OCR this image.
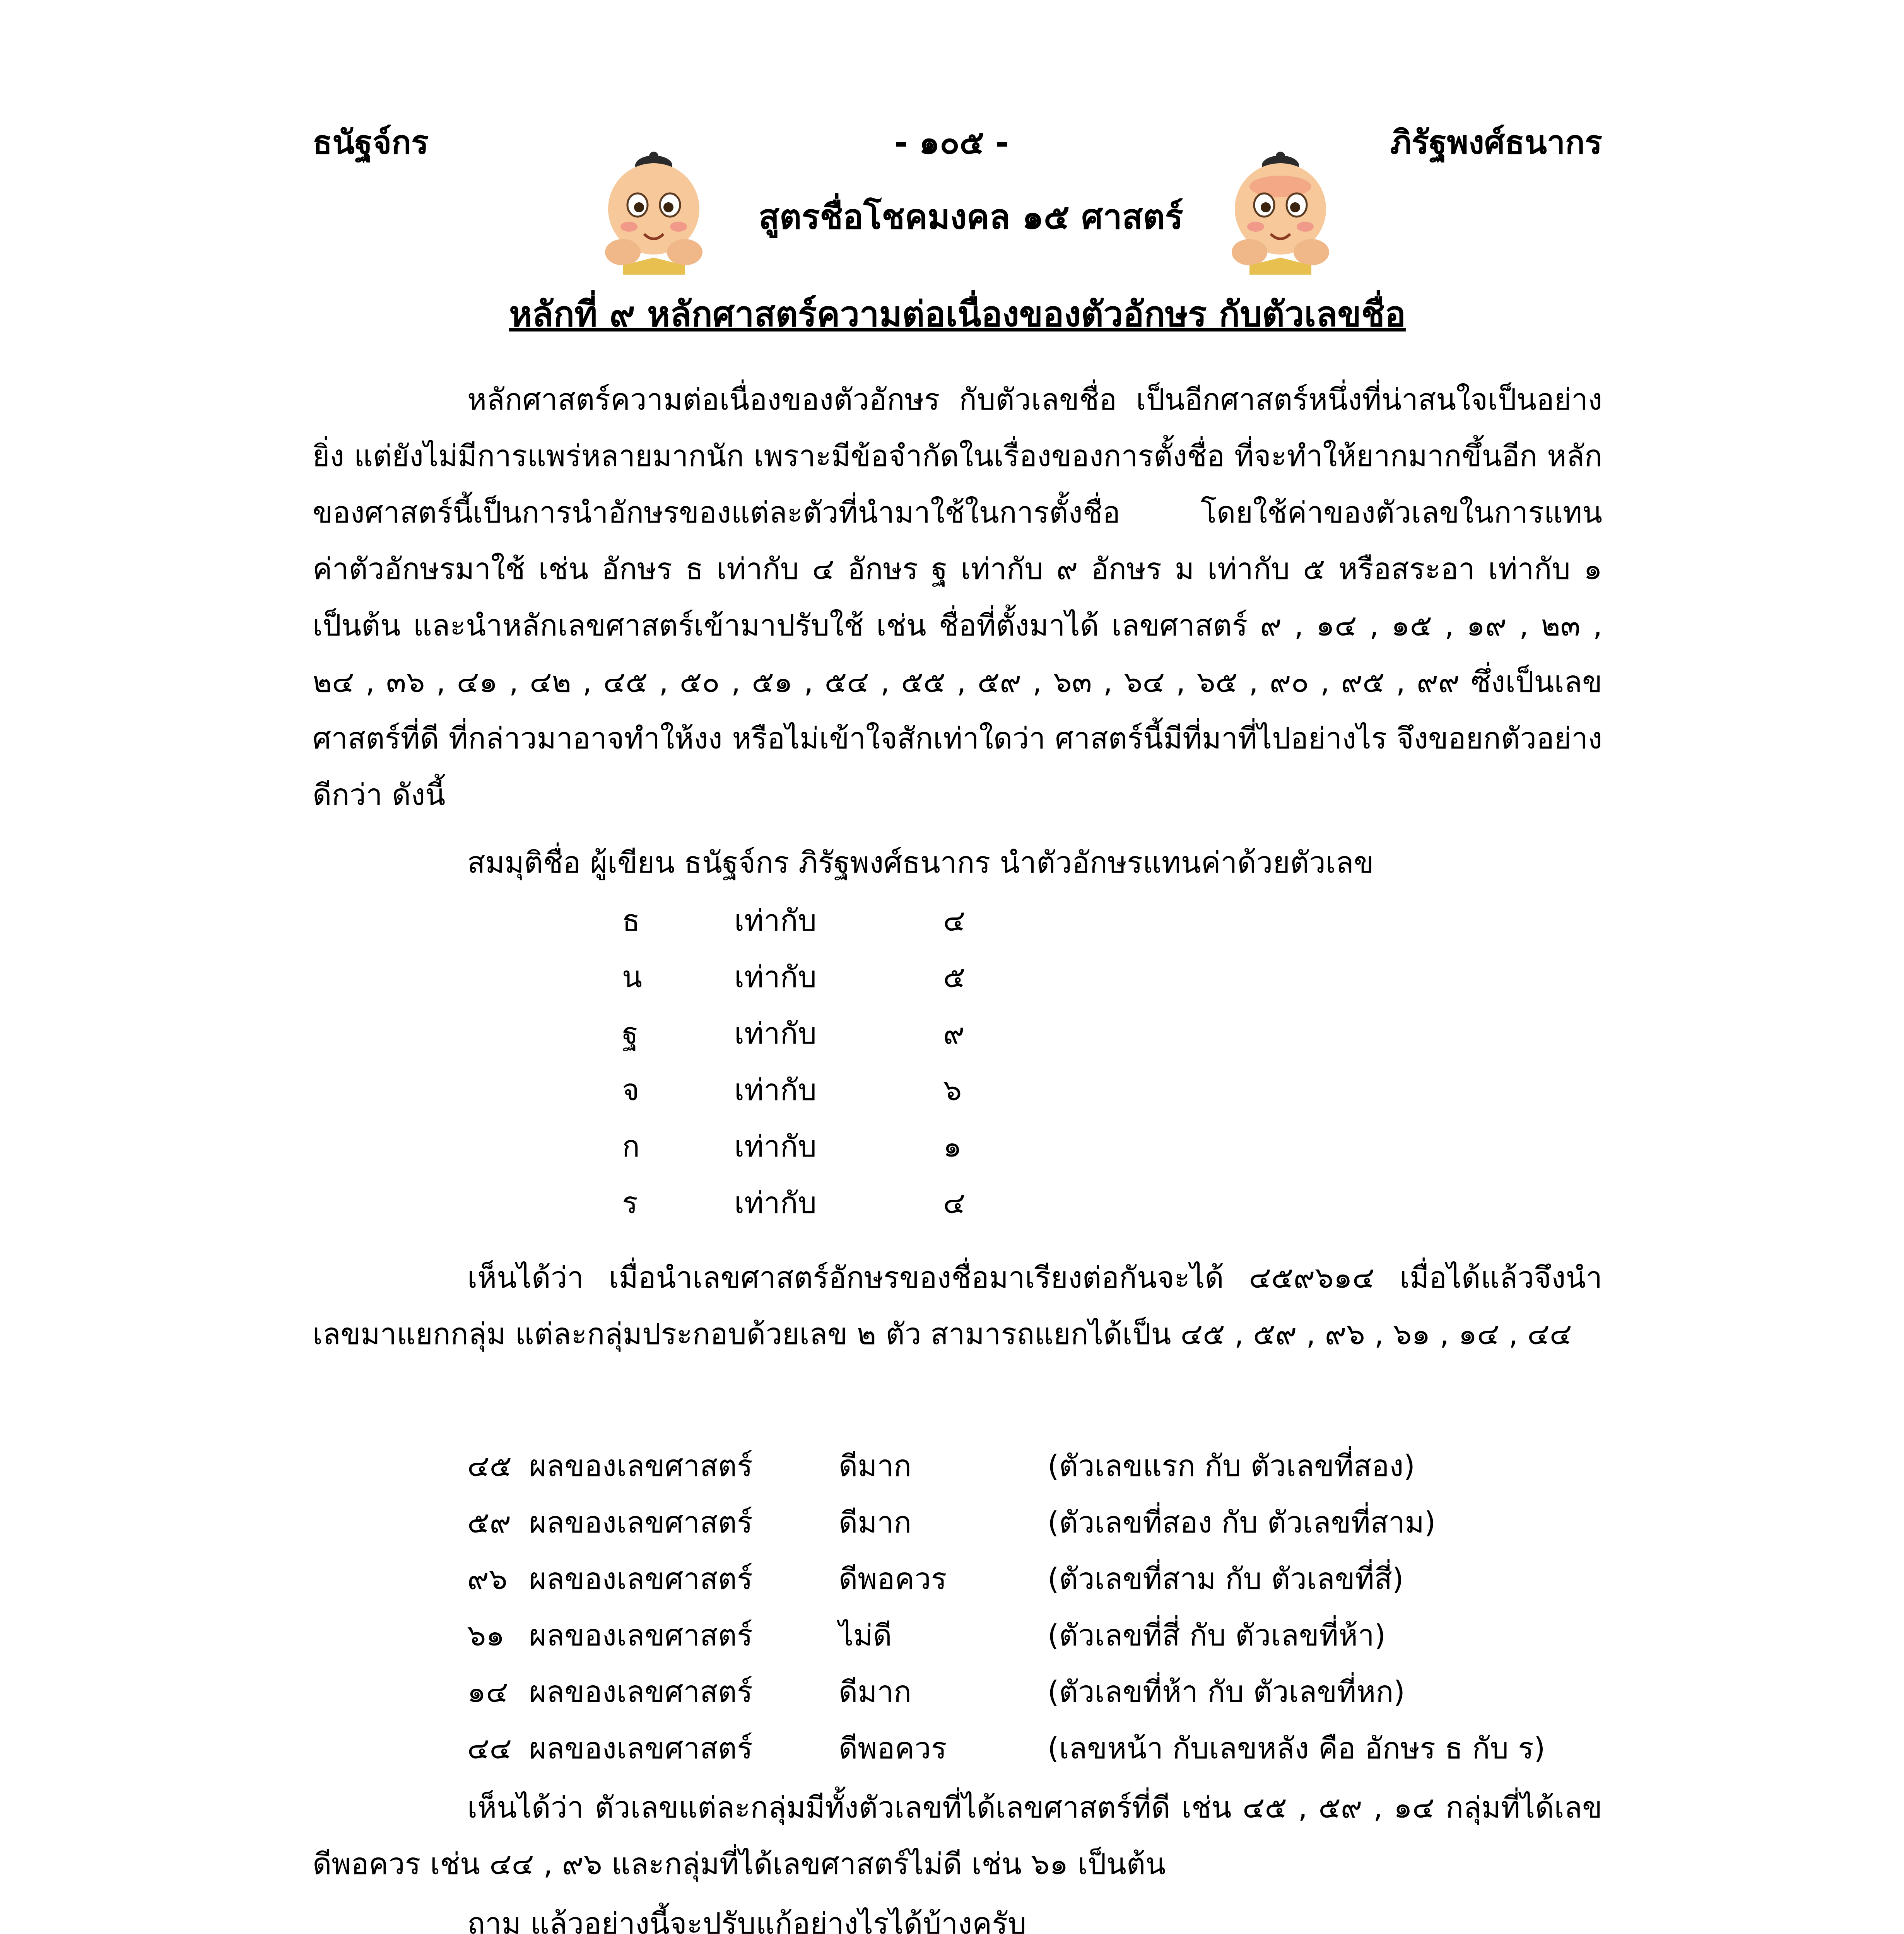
ธนัฐจ์กร	- ๑๐๕ -	ภิรัฐพงศ์ธนากร
สูตรชื่อโชคมงคล ๑๕ ศาสตร์
หลักที่ ๙ หลักศาสตร์ความต่อเนื่องของตัวอักษร กับตัวเลขชื่อ

หลักศาสตร์ความต่อเนื่องของตัวอักษร กับตัวเลขชื่อ เป็นอีกศาสตร์หนึ่งที่น่าสนใจเป็นอย่างยิ่ง แต่ยังไม่มีการแพร่หลายมากนัก เพราะมีข้อจำกัดในเรื่องของการตั้งชื่อ ที่จะทำให้ยากมากขึ้นอีก หลักของศาสตร์นี้เป็นการนำอักษรของแต่ละตัวที่นำมาใช้ในการตั้งชื่อ โดยใช้ค่าของตัวเลขในการแทนค่าตัวอักษรมาใช้ เช่น อักษร ธ เท่ากับ ๔ อักษร ฐ เท่ากับ ๙ อักษร ม เท่ากับ ๕ หรือสระอา เท่ากับ ๑ เป็นต้น และนำหลักเลขศาสตร์เข้ามาปรับใช้ เช่น ชื่อที่ตั้งมาได้ เลขศาสตร์ ๙ , ๑๔ , ๑๕ , ๑๙ , ๒๓ , ๒๔ , ๓๖ , ๔๑ , ๔๒ , ๔๕ , ๕๐ , ๕๑ , ๕๔ , ๕๕ , ๕๙ , ๖๓ , ๖๔ , ๖๕ , ๙๐ , ๙๕ , ๙๙ ซึ่งเป็นเลขศาสตร์ที่ดี ที่กล่าวมาอาจทำให้งง หรือไม่เข้าใจสักเท่าใดว่า ศาสตร์นี้มีที่มาที่ไปอย่างไร จึงขอยกตัวอย่างดีกว่า ดังนี้

สมมุติชื่อ ผู้เขียน ธนัฐจ์กร ภิรัฐพงศ์ธนากร นำตัวอักษรแทนค่าด้วยตัวเลข
ธ	เท่ากับ	๔
น	เท่ากับ	๕
ฐ	เท่ากับ	๙
จ	เท่ากับ	๖
ก	เท่ากับ	๑
ร	เท่ากับ	๔

เห็นได้ว่า เมื่อนำเลขศาสตร์อักษรของชื่อมาเรียงต่อกันจะได้ ๔๕๙๖๑๔ เมื่อได้แล้วจึงนำเลขมาแยกกลุ่ม แต่ละกลุ่มประกอบด้วยเลข ๒ ตัว สามารถแยกได้เป็น ๔๕ , ๕๙ , ๙๖ , ๖๑ , ๑๔ , ๔๔

๔๕ ผลของเลขศาสตร์	ดีมาก	(ตัวเลขแรก กับ ตัวเลขที่สอง)
๕๙ ผลของเลขศาสตร์	ดีมาก	(ตัวเลขที่สอง กับ ตัวเลขที่สาม)
๙๖ ผลของเลขศาสตร์	ดีพอควร	(ตัวเลขที่สาม กับ ตัวเลขที่สี่)
๖๑ ผลของเลขศาสตร์	ไม่ดี	(ตัวเลขที่สี่ กับ ตัวเลขที่ห้า)
๑๔ ผลของเลขศาสตร์	ดีมาก	(ตัวเลขที่ห้า กับ ตัวเลขที่หก)
๔๔ ผลของเลขศาสตร์	ดีพอควร	(เลขหน้า กับเลขหลัง คือ อักษร ธ กับ ร)

เห็นได้ว่า ตัวเลขแต่ละกลุ่มมีทั้งตัวเลขที่ได้เลขศาสตร์ที่ดี เช่น ๔๕ , ๕๙ , ๑๔ กลุ่มที่ได้เลขดีพอควร เช่น ๔๔ , ๙๖ และกลุ่มที่ได้เลขศาสตร์ไม่ดี เช่น ๖๑ เป็นต้น

ถาม แล้วอย่างนี้จะปรับแก้อย่างไรได้บ้างครับ
